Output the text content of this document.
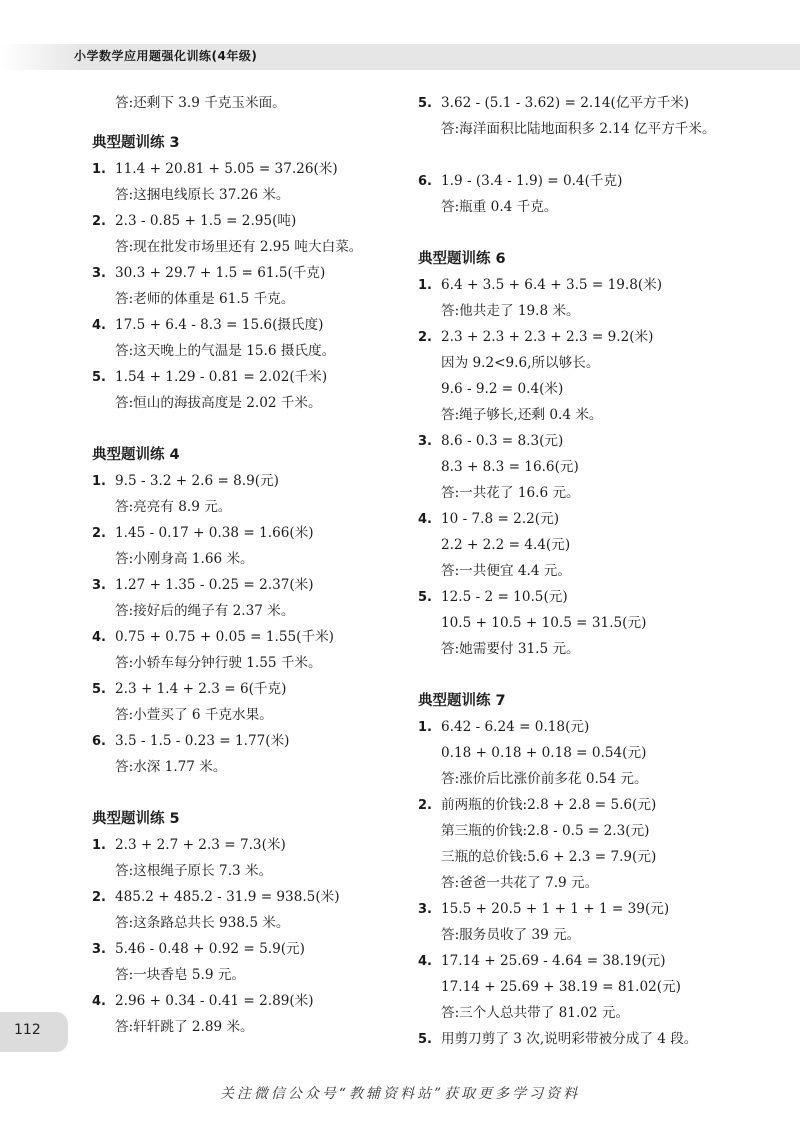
小学数学应用题强化训练(4年级)
答:还剩下 3.9 千克玉米面。
典型题训练 3
1. 11.4 + 20.81 + 5.05 = 37.26(米)
答:这捆电线原长 37.26 米。
2. 2.3 - 0.85 + 1.5 = 2.95(吨)
答:现在批发市场里还有 2.95 吨大白菜。
3. 30.3 + 29.7 + 1.5 = 61.5(千克)
答:老师的体重是 61.5 千克。
4. 17.5 + 6.4 - 8.3 = 15.6(摄氏度)
答:这天晚上的气温是 15.6 摄氏度。
5. 1.54 + 1.29 - 0.81 = 2.02(千米)
答:恒山的海拔高度是 2.02 千米。
典型题训练 4
1. 9.5 - 3.2 + 2.6 = 8.9(元)
答:亮亮有 8.9 元。
2. 1.45 - 0.17 + 0.38 = 1.66(米)
答:小刚身高 1.66 米。
3. 1.27 + 1.35 - 0.25 = 2.37(米)
答:接好后的绳子有 2.37 米。
4. 0.75 + 0.75 + 0.05 = 1.55(千米)
答:小轿车每分钟行驶 1.55 千米。
5. 2.3 + 1.4 + 2.3 = 6(千克)
答:小萱买了 6 千克水果。
6. 3.5 - 1.5 - 0.23 = 1.77(米)
答:水深 1.77 米。
典型题训练 5
1. 2.3 + 2.7 + 2.3 = 7.3(米)
答:这根绳子原长 7.3 米。
2. 485.2 + 485.2 - 31.9 = 938.5(米)
答:这条路总共长 938.5 米。
3. 5.46 - 0.48 + 0.92 = 5.9(元)
答:一块香皂 5.9 元。
4. 2.96 + 0.34 - 0.41 = 2.89(米)
答:轩轩跳了 2.89 米。
5. 3.62 - (5.1 - 3.62) = 2.14(亿平方千米)
答:海洋面积比陆地面积多 2.14 亿平方千米。
6. 1.9 - (3.4 - 1.9) = 0.4(千克)
答:瓶重 0.4 千克。
典型题训练 6
1. 6.4 + 3.5 + 6.4 + 3.5 = 19.8(米)
答:他共走了 19.8 米。
2. 2.3 + 2.3 + 2.3 + 2.3 = 9.2(米)
因为 9.2<9.6,所以够长。
9.6 - 9.2 = 0.4(米)
答:绳子够长,还剩 0.4 米。
3. 8.6 - 0.3 = 8.3(元)
8.3 + 8.3 = 16.6(元)
答:一共花了 16.6 元。
4. 10 - 7.8 = 2.2(元)
2.2 + 2.2 = 4.4(元)
答:一共便宜 4.4 元。
5. 12.5 - 2 = 10.5(元)
10.5 + 10.5 + 10.5 = 31.5(元)
答:她需要付 31.5 元。
典型题训练 7
1. 6.42 - 6.24 = 0.18(元)
0.18 + 0.18 + 0.18 = 0.54(元)
答:涨价后比涨价前多花 0.54 元。
2. 前两瓶的价钱:2.8 + 2.8 = 5.6(元)
第三瓶的价钱:2.8 - 0.5 = 2.3(元)
三瓶的总价钱:5.6 + 2.3 = 7.9(元)
答:爸爸一共花了 7.9 元。
3. 15.5 + 20.5 + 1 + 1 + 1 = 39(元)
答:服务员收了 39 元。
4. 17.14 + 25.69 - 4.64 = 38.19(元)
17.14 + 25.69 + 38.19 = 81.02(元)
答:三个人总共带了 81.02 元。
5. 用剪刀剪了 3 次,说明彩带被分成了 4 段。
112
关注微信公众号“教辅资料站”获取更多学习资料
